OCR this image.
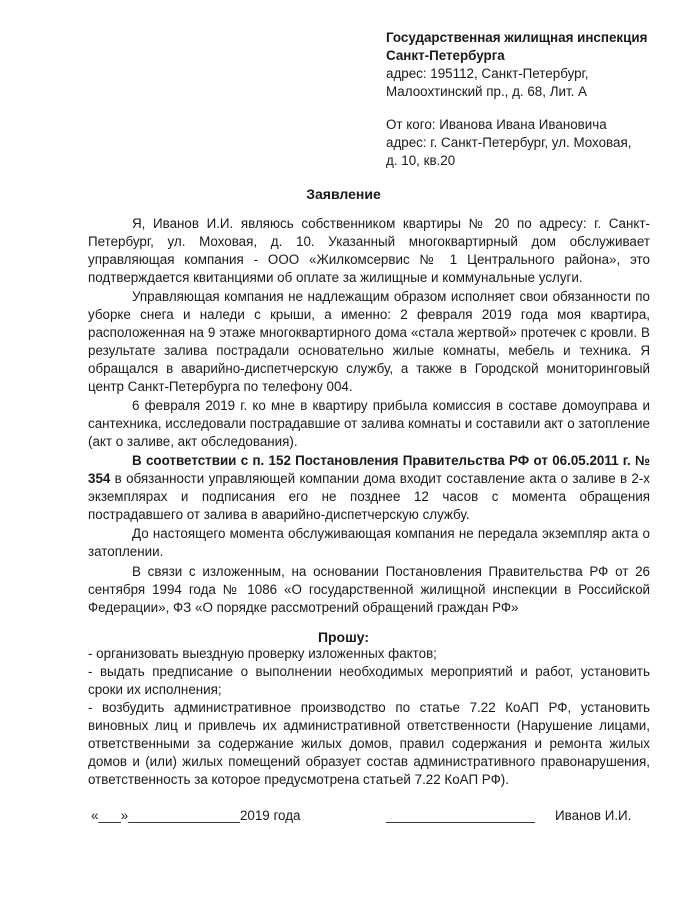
Государственная жилищная инспекция
Санкт-Петербурга
адрес: 195112, Санкт-Петербург,
Малоохтинский пр., д. 68, Лит. А
От кого: Иванова Ивана Ивановича
адрес: г. Санкт-Петербург, ул. Моховая,
д. 10, кв.20
Заявление

Я, Иванов И.И. являюсь собственником квартиры № 20 по адресу: г. Санкт-Петербург, ул. Моховая, д. 10. Указанный многоквартирный дом обслуживает управляющая компания - ООО «Жилкомсервис № 1 Центрального района», это подтверждается квитанциями об оплате за жилищные и коммунальные услуги.

Управляющая компания не надлежащим образом исполняет свои обязанности по уборке снега и наледи с крыши, а именно: 2 февраля 2019 года моя квартира, расположенная на 9 этаже многоквартирного дома «стала жертвой» протечек с кровли. В результате залива пострадали основательно жилые комнаты, мебель и техника. Я обращался в аварийно-диспетчерскую службу, а также в Городской мониторинговый центр Санкт-Петербурга по телефону 004.

6 февраля 2019 г. ко мне в квартиру прибыла комиссия в составе домоуправа и сантехника, исследовали пострадавшие от залива комнаты и составили акт о затопление (акт о заливе, акт обследования).

В соответствии с п. 152 Постановления Правительства РФ от 06.05.2011 г. № 354 в обязанности управляющей компании дома входит составление акта о заливе в 2-х экземплярах и подписания его не позднее 12 часов с момента обращения пострадавшего от залива в аварийно-диспетчерскую службу.

До настоящего момента обслуживающая компания не передала экземпляр акта о затоплении.

В связи с изложенным, на основании Постановления Правительства РФ от 26 сентября 1994 года № 1086 «О государственной жилищной инспекции в Российской Федерации», ФЗ «О порядке рассмотрений обращений граждан РФ»

Прошу:
- организовать выездную проверку изложенных фактов;
- выдать предписание о выполнении необходимых мероприятий и работ, установить сроки их исполнения;
- возбудить административное производство по статье 7.22 КоАП РФ, установить виновных лиц и привлечь их административной ответственности (Нарушение лицами, ответственными за содержание жилых домов, правил содержания и ремонта жилых домов и (или) жилых помещений образует состав административного правонарушения, ответственность за которое предусмотрена статьей 7.22 КоАП РФ).
«___»_______________2019 года	____________________ Иванов И.И.
